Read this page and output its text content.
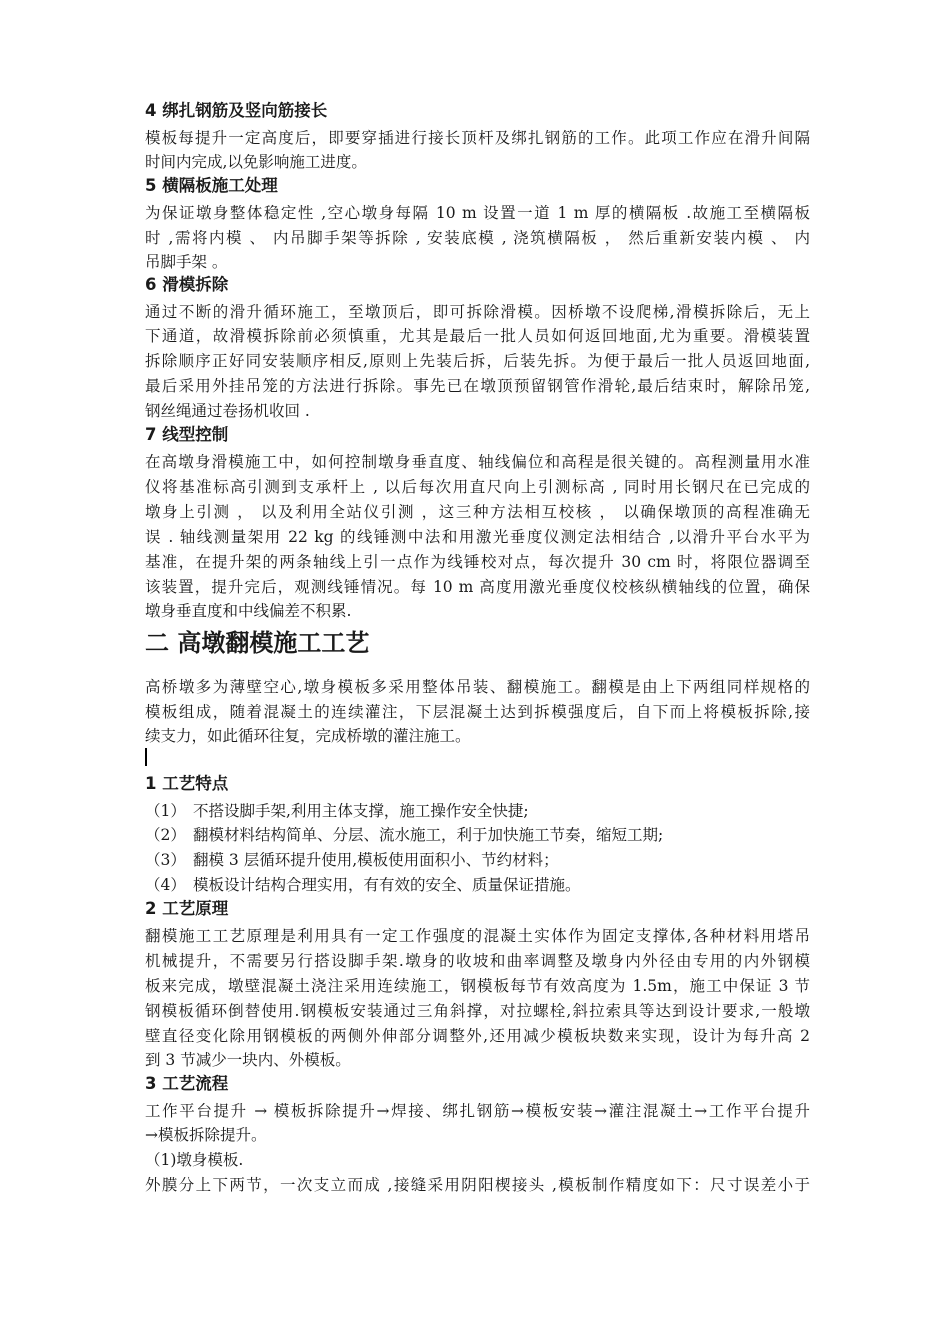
4 绑扎钢筋及竖向筋接长
模板每提升一定高度后，即要穿插进行接长顶杆及绑扎钢筋的工作。此项工作应在滑升间隔
时间内完成,以免影响施工进度。
5 横隔板施工处理
为保证墩身整体稳定性 ,空心墩身每隔 10 m 设置一道 1 m 厚的横隔板 .故施工至横隔板
时 ,需将内模 、 内吊脚手架等拆除 , 安装底模 , 浇筑横隔板 ， 然后重新安装内模 、 内
吊脚手架 。
6 滑模拆除
通过不断的滑升循环施工，至墩顶后，即可拆除滑模。因桥墩不设爬梯,滑模拆除后，无上
下通道，故滑模拆除前必须慎重，尤其是最后一批人员如何返回地面,尤为重要。滑模装置
拆除顺序正好同安装顺序相反,原则上先装后拆，后装先拆。为便于最后一批人员返回地面,
最后采用外挂吊笼的方法进行拆除。事先已在墩顶预留钢管作滑轮,最后结束时，解除吊笼,
钢丝绳通过卷扬机收回 .
7 线型控制
在高墩身滑模施工中，如何控制墩身垂直度、轴线偏位和高程是很关键的。高程测量用水准
仪将基准标高引测到支承杆上 , 以后每次用直尺向上引测标高 , 同时用长钢尺在已完成的
墩身上引测 ， 以及利用全站仪引测 ，这三种方法相互校核 ， 以确保墩顶的高程准确无
误 . 轴线测量架用 22 kg 的线锤测中法和用激光垂度仪测定法相结合 ,以滑升平台水平为
基准，在提升架的两条轴线上引一点作为线锤校对点，每次提升 30 cm 时，将限位器调至
该装置，提升完后，观测线锤情况。每 10 m 高度用激光垂度仪校核纵横轴线的位置，确保
墩身垂直度和中线偏差不积累.
二 高墩翻模施工工艺
高桥墩多为薄壁空心,墩身模板多采用整体吊装、翻模施工。翻模是由上下两组同样规格的
模板组成，随着混凝土的连续灌注，下层混凝土达到拆模强度后，自下而上将模板拆除,接
续支力，如此循环往复，完成桥墩的灌注施工。
1 工艺特点
（1） 不搭设脚手架,利用主体支撑，施工操作安全快捷;
（2） 翻模材料结构简单、分层、流水施工，利于加快施工节奏，缩短工期;
（3） 翻模 3 层循环提升使用,模板使用面积小、节约材料；
（4） 模板设计结构合理实用，有有效的安全、质量保证措施。
2 工艺原理
翻模施工工艺原理是利用具有一定工作强度的混凝土实体作为固定支撑体,各种材料用塔吊
机械提升，不需要另行搭设脚手架.墩身的收坡和曲率调整及墩身内外径由专用的内外钢模
板来完成，墩壁混凝土浇注采用连续施工，钢模板每节有效高度为 1.5m，施工中保证 3 节
钢模板循环倒替使用.钢模板安装通过三角斜撑，对拉螺栓,斜拉索具等达到设计要求,一般墩
壁直径变化除用钢模板的两侧外伸部分调整外,还用减少模板块数来实现，设计为每升高 2
到 3 节减少一块内、外模板。
3 工艺流程
工作平台提升 → 模板拆除提升→焊接、绑扎钢筋→模板安装→灌注混凝土→工作平台提升
→模板拆除提升。
（1)墩身模板.
外膜分上下两节，一次支立而成 ,接缝采用阴阳楔接头 ,模板制作精度如下：尺寸误差小于
